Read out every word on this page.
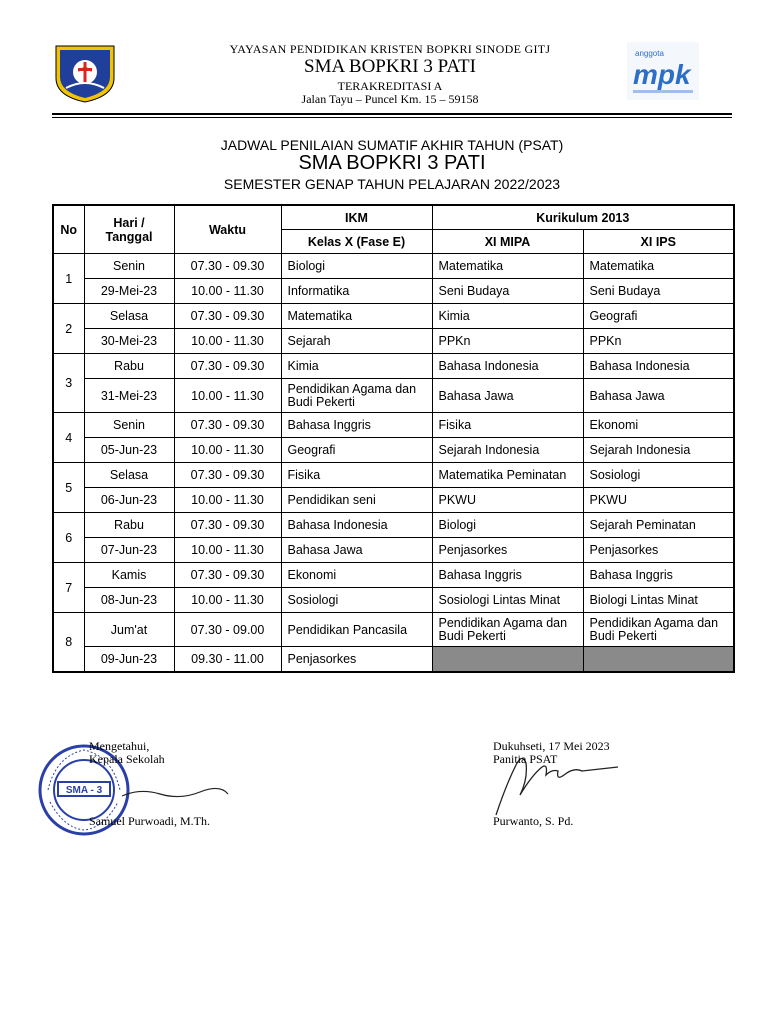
YAYASAN PENDIDIKAN KRISTEN BOPKRI SINODE GITJ
SMA BOPKRI 3 PATI
TERAKREDITASI A
Jalan Tayu – Puncel Km. 15 – 59158
anggota
mpk
JADWAL PENILAIAN SUMATIF AKHIR TAHUN (PSAT)
SMA BOPKRI 3 PATI
SEMESTER GENAP TAHUN PELAJARAN 2022/2023
No	Hari / Tanggal	Waktu	IKM	Kurikulum 2013	
			Kelas X (Fase E)	XI MIPA	XI IPS
1	Senin	07.30 - 09.30	Biologi	Matematika	Matematika
	29-Mei-23	10.00 - 11.30	Informatika	Seni Budaya	Seni Budaya
2	Selasa	07.30 - 09.30	Matematika	Kimia	Geografi
	30-Mei-23	10.00 - 11.30	Sejarah	PPKn	PPKn
3	Rabu	07.30 - 09.30	Kimia	Bahasa Indonesia	Bahasa Indonesia
	31-Mei-23	10.00 - 11.30	Pendidikan Agama dan Budi Pekerti	Bahasa Jawa	Bahasa Jawa
4	Senin	07.30 - 09.30	Bahasa Inggris	Fisika	Ekonomi
	05-Jun-23	10.00 - 11.30	Geografi	Sejarah Indonesia	Sejarah Indonesia
5	Selasa	07.30 - 09.30	Fisika	Matematika Peminatan	Sosiologi
	06-Jun-23	10.00 - 11.30	Pendidikan seni	PKWU	PKWU
6	Rabu	07.30 - 09.30	Bahasa Indonesia	Biologi	Sejarah Peminatan
	07-Jun-23	10.00 - 11.30	Bahasa Jawa	Penjasorkes	Penjasorkes
7	Kamis	07.30 - 09.30	Ekonomi	Bahasa Inggris	Bahasa Inggris
	08-Jun-23	10.00 - 11.30	Sosiologi	Sosiologi Lintas Minat	Biologi Lintas Minat
8	Jum'at	07.30 - 09.00	Pendidikan Pancasila	Pendidikan Agama dan Budi Pekerti	Pendidikan Agama dan Budi Pekerti
	09-Jun-23	09.30 - 11.00	Penjasorkes		
SMA - 3
Mengetahui,
Kepala Sekolah
Samuel Purwoadi, M.Th.
Dukuhseti, 17 Mei 2023
Panitia PSAT
Purwanto, S. Pd.
